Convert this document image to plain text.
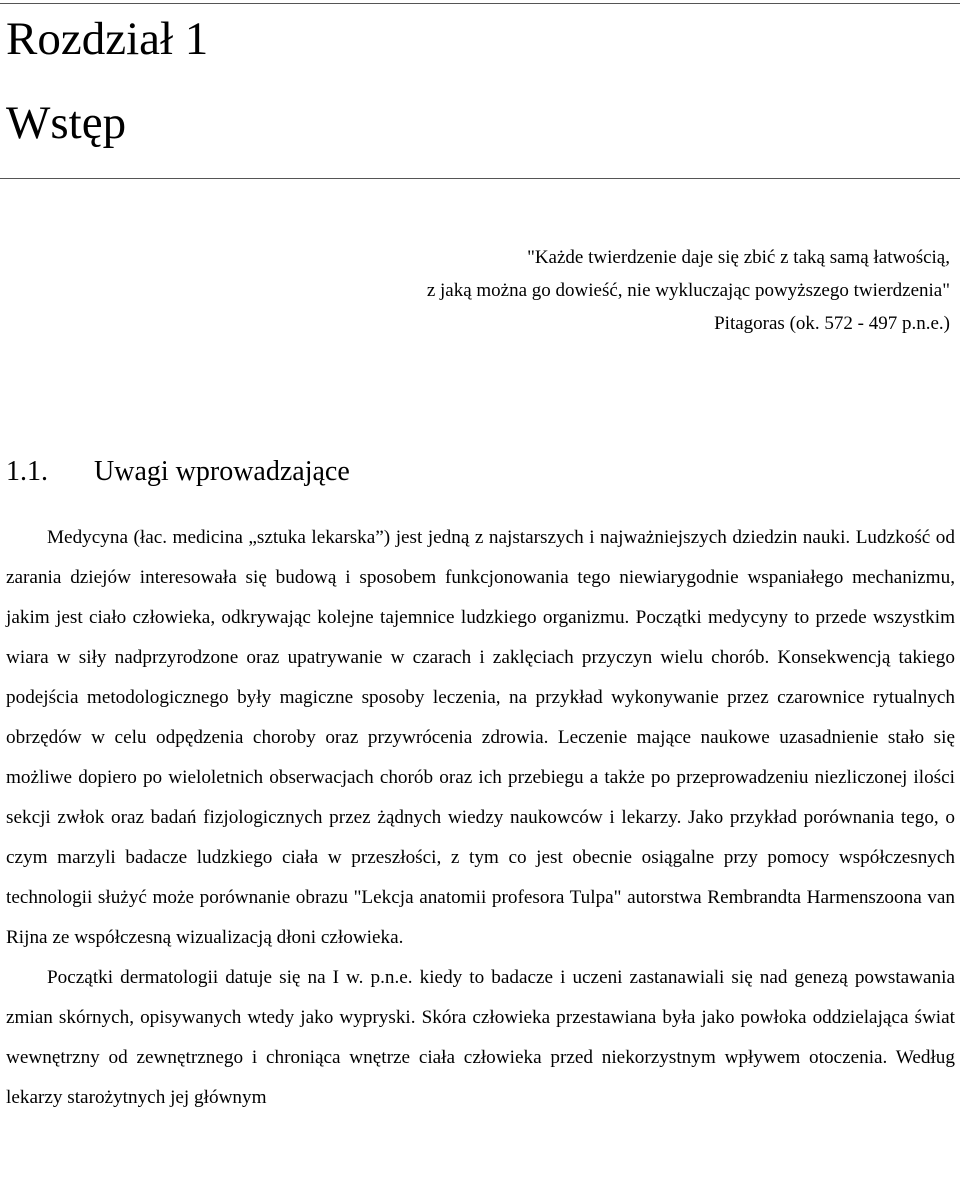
Rozdział 1
Wstęp
"Każde twierdzenie daje się zbić z taką samą łatwością,
z jaką można go dowieść, nie wykluczając powyższego twierdzenia"
Pitagoras (ok. 572 - 497 p.n.e.)
1.1. Uwagi wprowadzające

Medycyna (łac. medicina „sztuka lekarska”) jest jedną z najstarszych i najważniejszych dziedzin nauki. Ludzkość od zarania dziejów interesowała się budową i sposobem funkcjonowania tego niewiarygodnie wspaniałego mechanizmu, jakim jest ciało człowieka, odkrywając kolejne tajemnice ludzkiego organizmu. Początki medycyny to przede wszystkim wiara w siły nadprzyrodzone oraz upatrywanie w czarach i zaklęciach przyczyn wielu chorób. Konsekwencją takiego podejścia metodologicznego były magiczne sposoby leczenia, na przykład wykonywanie przez czarownice rytualnych obrzędów w celu odpędzenia choroby oraz przywrócenia zdrowia. Leczenie mające naukowe uzasadnienie stało się możliwe dopiero po wieloletnich obserwacjach chorób oraz ich przebiegu a także po przeprowadzeniu niezliczonej ilości sekcji zwłok oraz badań fizjologicznych przez żądnych wiedzy naukowców i lekarzy. Jako przykład porównania tego, o czym marzyli badacze ludzkiego ciała w przeszłości, z tym co jest obecnie osiągalne przy pomocy współczesnych technologii służyć może porównanie obrazu "Lekcja anatomii profesora Tulpa" autorstwa Rembrandta Harmenszoona van Rijna ze współczesną wizualizacją dłoni człowieka.

Początki dermatologii datuje się na I w. p.n.e. kiedy to badacze i uczeni zastanawiali się nad genezą powstawania zmian skórnych, opisywanych wtedy jako wypryski. Skóra człowieka przestawiana była jako powłoka oddzielająca świat wewnętrzny od zewnętrznego i chroniąca wnętrze ciała człowieka przed niekorzystnym wpływem otoczenia. Według lekarzy starożytnych jej głównym
